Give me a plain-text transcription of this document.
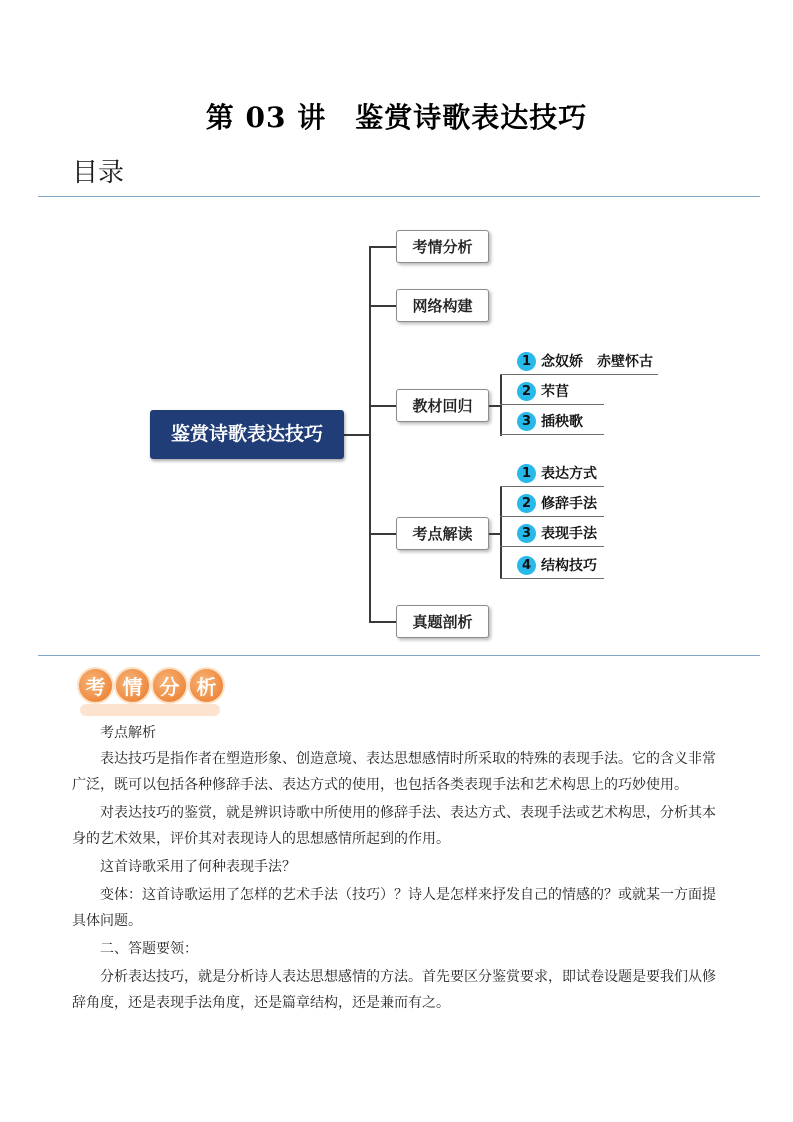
第 03 讲　鉴赏诗歌表达技巧
目录
鉴赏诗歌表达技巧
考情分析
网络构建
教材回归
考点解读
真题剖析
1 念奴娇　赤壁怀古
2 芣苢
3 插秧歌
1 表达方式
2 修辞手法
3 表现手法
4 结构技巧
考 情 分 析

考点解析

表达技巧是指作者在塑造形象、创造意境、表达思想感情时所采取的特殊的表现手法。它的含义非常广泛，既可以包括各种修辞手法、表达方式的使用，也包括各类表现手法和艺术构思上的巧妙使用。

对表达技巧的鉴赏，就是辨识诗歌中所使用的修辞手法、表达方式、表现手法或艺术构思，分析其本身的艺术效果，评价其对表现诗人的思想感情所起到的作用。

这首诗歌采用了何种表现手法？

变体：这首诗歌运用了怎样的艺术手法（技巧）？诗人是怎样来抒发自己的情感的？或就某一方面提具体问题。

二、答题要领：

分析表达技巧，就是分析诗人表达思想感情的方法。首先要区分鉴赏要求，即试卷设题是要我们从修辞角度，还是表现手法角度，还是篇章结构，还是兼而有之。
